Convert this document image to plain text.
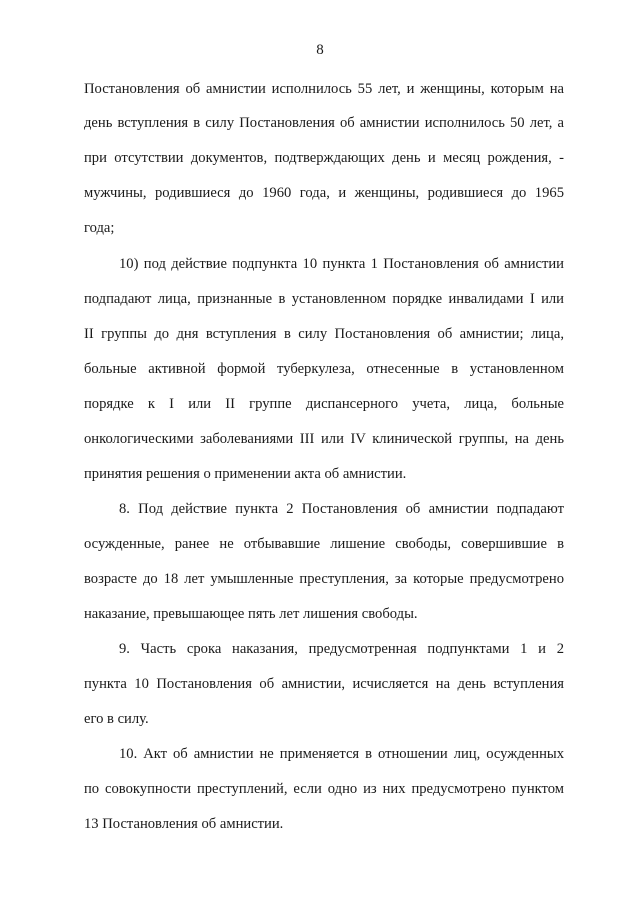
8
Постановления об амнистии исполнилось 55 лет, и женщины, которым на
день вступления в силу Постановления об амнистии исполнилось 50 лет, а
при отсутствии документов, подтверждающих день и месяц рождения, -
мужчины, родившиеся до 1960 года, и женщины, родившиеся до 1965
года;
10) под действие подпункта 10 пункта 1 Постановления об амнистии
подпадают лица, признанные в установленном порядке инвалидами I или
II группы до дня вступления в силу Постановления об амнистии; лица,
больные активной формой туберкулеза, отнесенные в установленном
порядке к I или II группе диспансерного учета, лица, больные
онкологическими заболеваниями III или IV клинической группы, на день
принятия решения о применении акта об амнистии.
8. Под действие пункта 2 Постановления об амнистии подпадают
осужденные, ранее не отбывавшие лишение свободы, совершившие в
возрасте до 18 лет умышленные преступления, за которые предусмотрено
наказание, превышающее пять лет лишения свободы.
9. Часть срока наказания, предусмотренная подпунктами 1 и 2
пункта 10 Постановления об амнистии, исчисляется на день вступления
его в силу.
10. Акт об амнистии не применяется в отношении лиц, осужденных
по совокупности преступлений, если одно из них предусмотрено пунктом
13 Постановления об амнистии.
